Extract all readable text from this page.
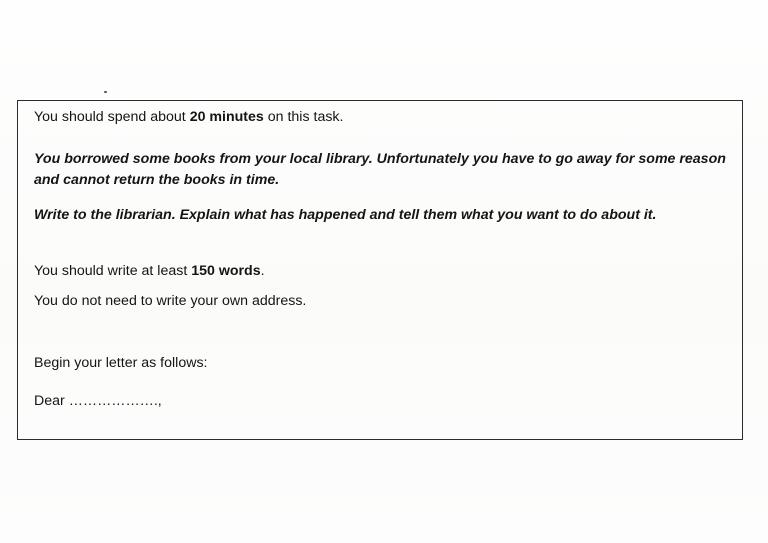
You should spend about 20 minutes on this task.

You borrowed some books from your local library. Unfortunately you have to go away for some reason

and cannot return the books in time.

Write to the librarian. Explain what has happened and tell them what you want to do about it.

You should write at least 150 words.

You do not need to write your own address.

Begin your letter as follows:

Dear ……………….,
